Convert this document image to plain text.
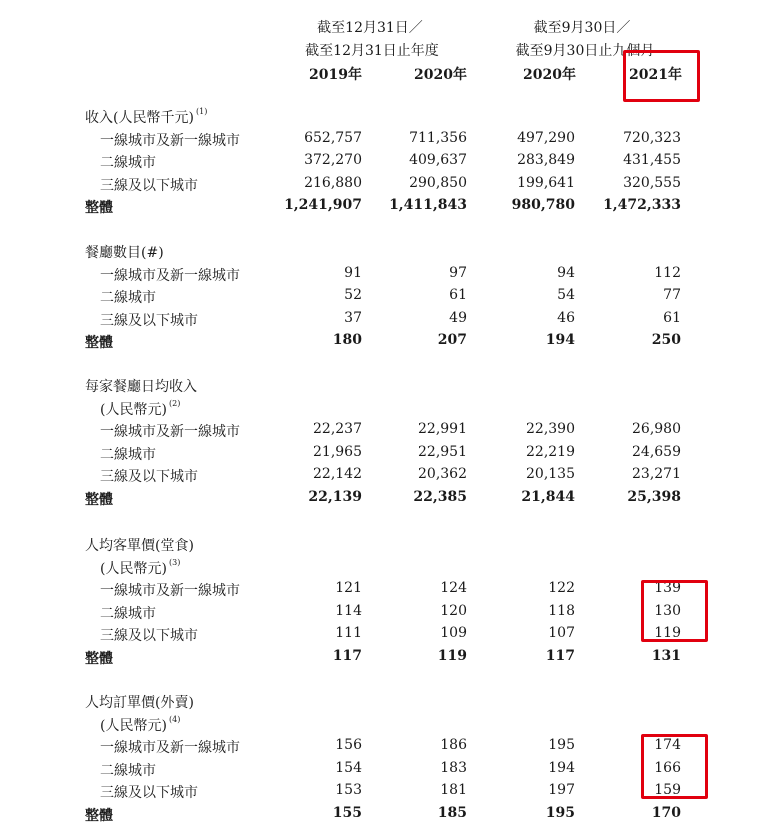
截至12月31日／
截至12月31日止年度
截至9月30日／
截至9月30日止九個月
2019年	2020年	2020年	2021年
收入(人民幣千元) (1)
一線城市及新一線城市	652,757	711,356	497,290	720,323
二線城市	372,270	409,637	283,849	431,455
三線及以下城市	216,880	290,850	199,641	320,555
整體	1,241,907	1,411,843	980,780	1,472,333
餐廳數目(#)
一線城市及新一線城市	91	97	94	112
二線城市	52	61	54	77
三線及以下城市	37	49	46	61
整體	180	207	194	250
每家餐廳日均收入
(人民幣元) (2)
一線城市及新一線城市	22,237	22,991	22,390	26,980
二線城市	21,965	22,951	22,219	24,659
三線及以下城市	22,142	20,362	20,135	23,271
整體	22,139	22,385	21,844	25,398
人均客單價(堂食)
(人民幣元) (3)
一線城市及新一線城市	121	124	122	139
二線城市	114	120	118	130
三線及以下城市	111	109	107	119
整體	117	119	117	131
人均訂單價(外賣)
(人民幣元) (4)
一線城市及新一線城市	156	186	195	174
二線城市	154	183	194	166
三線及以下城市	153	181	197	159
整體	155	185	195	170
